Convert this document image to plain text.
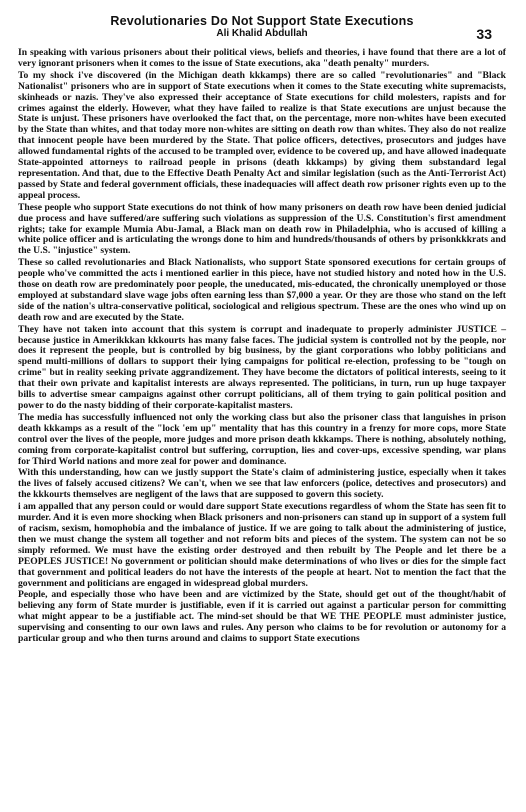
Revolutionaries Do Not Support State Executions
Ali Khalid Abdullah	33

In speaking with various prisoners about their political views, beliefs and theories, i have found that there are a lot of very ignorant prisoners when it comes to the issue of State executions, aka "death penalty" murders.

To my shock i've discovered (in the Michigan death kkkamps) there are so called "revolutionaries" and "Black Nationalist" prisoners who are in support of State executions when it comes to the State executing white supremacists, skinheads or nazis. They've also expressed their acceptance of State executions for child molesters, rapists and for crimes against the elderly. However, what they have failed to realize is that State executions are unjust because the State is unjust. These prisoners have overlooked the fact that, on the percentage, more non-whites have been executed by the State than whites, and that today more non-whites are sitting on death row than whites. They also do not realize that innocent people have been murdered by the State. That police officers, detectives, prosecutors and judges have allowed fundamental rights of the accused to be trampled over, evidence to be covered up, and have allowed inadequate State-appointed attorneys to railroad people in prisons (death kkkamps) by giving them substandard legal representation. And that, due to the Effective Death Penalty Act and similar legislation (such as the Anti-Terrorist Act) passed by State and federal government officials, these inadequacies will affect death row prisoner rights even up to the appeal process.

These people who support State executions do not think of how many prisoners on death row have been denied judicial due process and have suffered/are suffering such violations as suppression of the U.S. Constitution's first amendment rights; take for example Mumia Abu-Jamal, a Black man on death row in Philadelphia, who is accused of killing a white police officer and is articulating the wrongs done to him and hundreds/thousands of others by prisonkkkrats and the U.S. "injustice" system.

These so called revolutionaries and Black Nationalists, who support State sponsored executions for certain groups of people who've committed the acts i mentioned earlier in this piece, have not studied history and noted how in the U.S. those on death row are predominately poor people, the uneducated, mis-educated, the chronically unemployed or those employed at substandard slave wage jobs often earning less than $7,000 a year. Or they are those who stand on the left side of the nation's ultra-conservative political, sociological and religious spectrum. These are the ones who wind up on death row and are executed by the State.

They have not taken into account that this system is corrupt and inadequate to properly administer JUSTICE – because justice in Amerikkkan kkkourts has many false faces. The judicial system is controlled not by the people, nor does it represent the people, but is controlled by big business, by the giant corporations who lobby politicians and spend multi-millions of dollars to support their lying campaigns for political re-election, professing to be "tough on crime" but in reality seeking private aggrandizement. They have become the dictators of political interests, seeing to it that their own private and kapitalist interests are always represented. The politicians, in turn, run up huge taxpayer bills to advertise smear campaigns against other corrupt politicians, all of them trying to gain political position and power to do the nasty bidding of their corporate-kapitalist masters.

The media has successfully influenced not only the working class but also the prisoner class that languishes in prison death kkkamps as a result of the "lock 'em up" mentality that has this country in a frenzy for more cops, more State control over the lives of the people, more judges and more prison death kkkamps. There is nothing, absolutely nothing, coming from corporate-kapitalist control but suffering, corruption, lies and cover-ups, excessive spending, war plans for Third World nations and more zeal for power and dominance.

With this understanding, how can we justly support the State's claim of administering justice, especially when it takes the lives of falsely accused citizens? We can't, when we see that law enforcers (police, detectives and prosecutors) and the kkkourts themselves are negligent of the laws that are supposed to govern this society.

i am appalled that any person could or would dare support State executions regardless of whom the State has seen fit to murder. And it is even more shocking when Black prisoners and non-prisoners can stand up in support of a system full of racism, sexism, homophobia and the imbalance of justice. If we are going to talk about the administering of justice, then we must change the system all together and not reform bits and pieces of the system. The system can not be so simply reformed. We must have the existing order destroyed and then rebuilt by The People and let there be a PEOPLES JUSTICE! No government or politician should make determinations of who lives or dies for the simple fact that government and political leaders do not have the interests of the people at heart. Not to mention the fact that the government and politicians are engaged in widespread global murders.

People, and especially those who have been and are victimized by the State, should get out of the thought/habit of believing any form of State murder is justifiable, even if it is carried out against a particular person for committing what might appear to be a justifiable act. The mind-set should be that WE THE PEOPLE must administer justice, supervising and consenting to our own laws and rules. Any person who claims to be for revolution or autonomy for a particular group and who then turns around and claims to support State executions
